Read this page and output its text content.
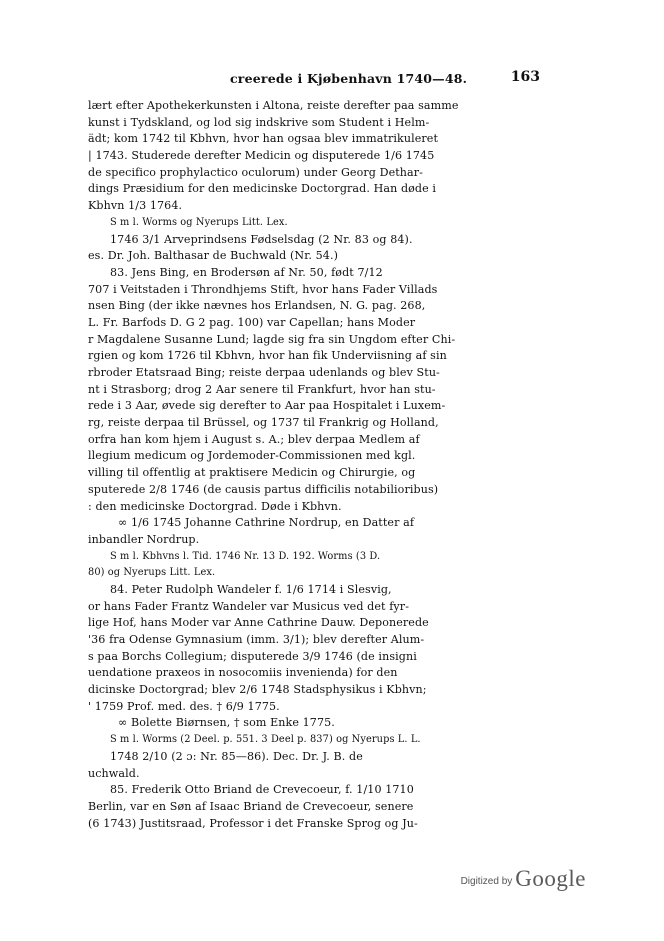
creerede i Kjøbenhavn 1740—48.	163
lært efter Apothekerkunsten i Altona, reiste derefter paa samme
kunst i Tydskland, og lod sig indskrive som Student i Helm-
ädt; kom 1742 til Kbhvn, hvor han ogsaa blev immatrikuleret
| 1743. Studerede derefter Medicin og disputerede 1/6 1745
de specifico prophylactico oculorum) under Georg Dethar-
dings Præsidium for den medicinske Doctorgrad. Han døde i
Kbhvn 1/3 1764.
S m l. Worms og Nyerups Litt. Lex.
1746 3/1 Arveprindsens Fødselsdag (2 Nr. 83 og 84).
es. Dr. Joh. Balthasar de Buchwald (Nr. 54.)
83. Jens Bing, en Brodersøn af Nr. 50, født 7/12
707 i Veitstaden i Throndhjems Stift, hvor hans Fader Villads
nsen Bing (der ikke nævnes hos Erlandsen, N. G. pag. 268,
L. Fr. Barfods D. G 2 pag. 100) var Capellan; hans Moder
r Magdalene Susanne Lund; lagde sig fra sin Ungdom efter Chi-
rgien og kom 1726 til Kbhvn, hvor han fik Underviisning af sin
rbroder Etatsraad Bing; reiste derpaa udenlands og blev Stu-
nt i Strasborg; drog 2 Aar senere til Frankfurt, hvor han stu-
rede i 3 Aar, øvede sig derefter to Aar paa Hospitalet i Luxem-
rg, reiste derpaa til Brüssel, og 1737 til Frankrig og Holland,
orfra han kom hjem i August s. A.; blev derpaa Medlem af
llegium medicum og Jordemoder-Commissionen med kgl.
villing til offentlig at praktisere Medicin og Chirurgie, og
sputerede 2/8 1746 (de causis partus difficilis notabilioribus)
: den medicinske Doctorgrad. Døde i Kbhvn.
∞ 1/6 1745 Johanne Cathrine Nordrup, en Datter af
inbandler Nordrup.
S m l. Kbhvns l. Tid. 1746 Nr. 13 D. 192. Worms (3 D.
80) og Nyerups Litt. Lex.
84. Peter Rudolph Wandeler f. 1/6 1714 i Slesvig,
or hans Fader Frantz Wandeler var Musicus ved det fyr-
lige Hof, hans Moder var Anne Cathrine Dauw. Deponerede
'36 fra Odense Gymnasium (imm. 3/1); blev derefter Alum-
s paa Borchs Collegium; disputerede 3/9 1746 (de insigni
uendatione praxeos in nosocomiis invenienda) for den
dicinske Doctorgrad; blev 2/6 1748 Stadsphysikus i Kbhvn;
' 1759 Prof. med. des. † 6/9 1775.
∞ Bolette Biørnsen, † som Enke 1775.
S m l. Worms (2 Deel. p. 551. 3 Deel p. 837) og Nyerups L. L.
1748 2/10 (2 ɔ: Nr. 85—86). Dec. Dr. J. B. de
uchwald.
85. Frederik Otto Briand de Crevecoeur, f. 1/10 1710
Berlin, var en Søn af Isaac Briand de Crevecoeur, senere
(6 1743) Justitsraad, Professor i det Franske Sprog og Ju-
Digitized by Google
